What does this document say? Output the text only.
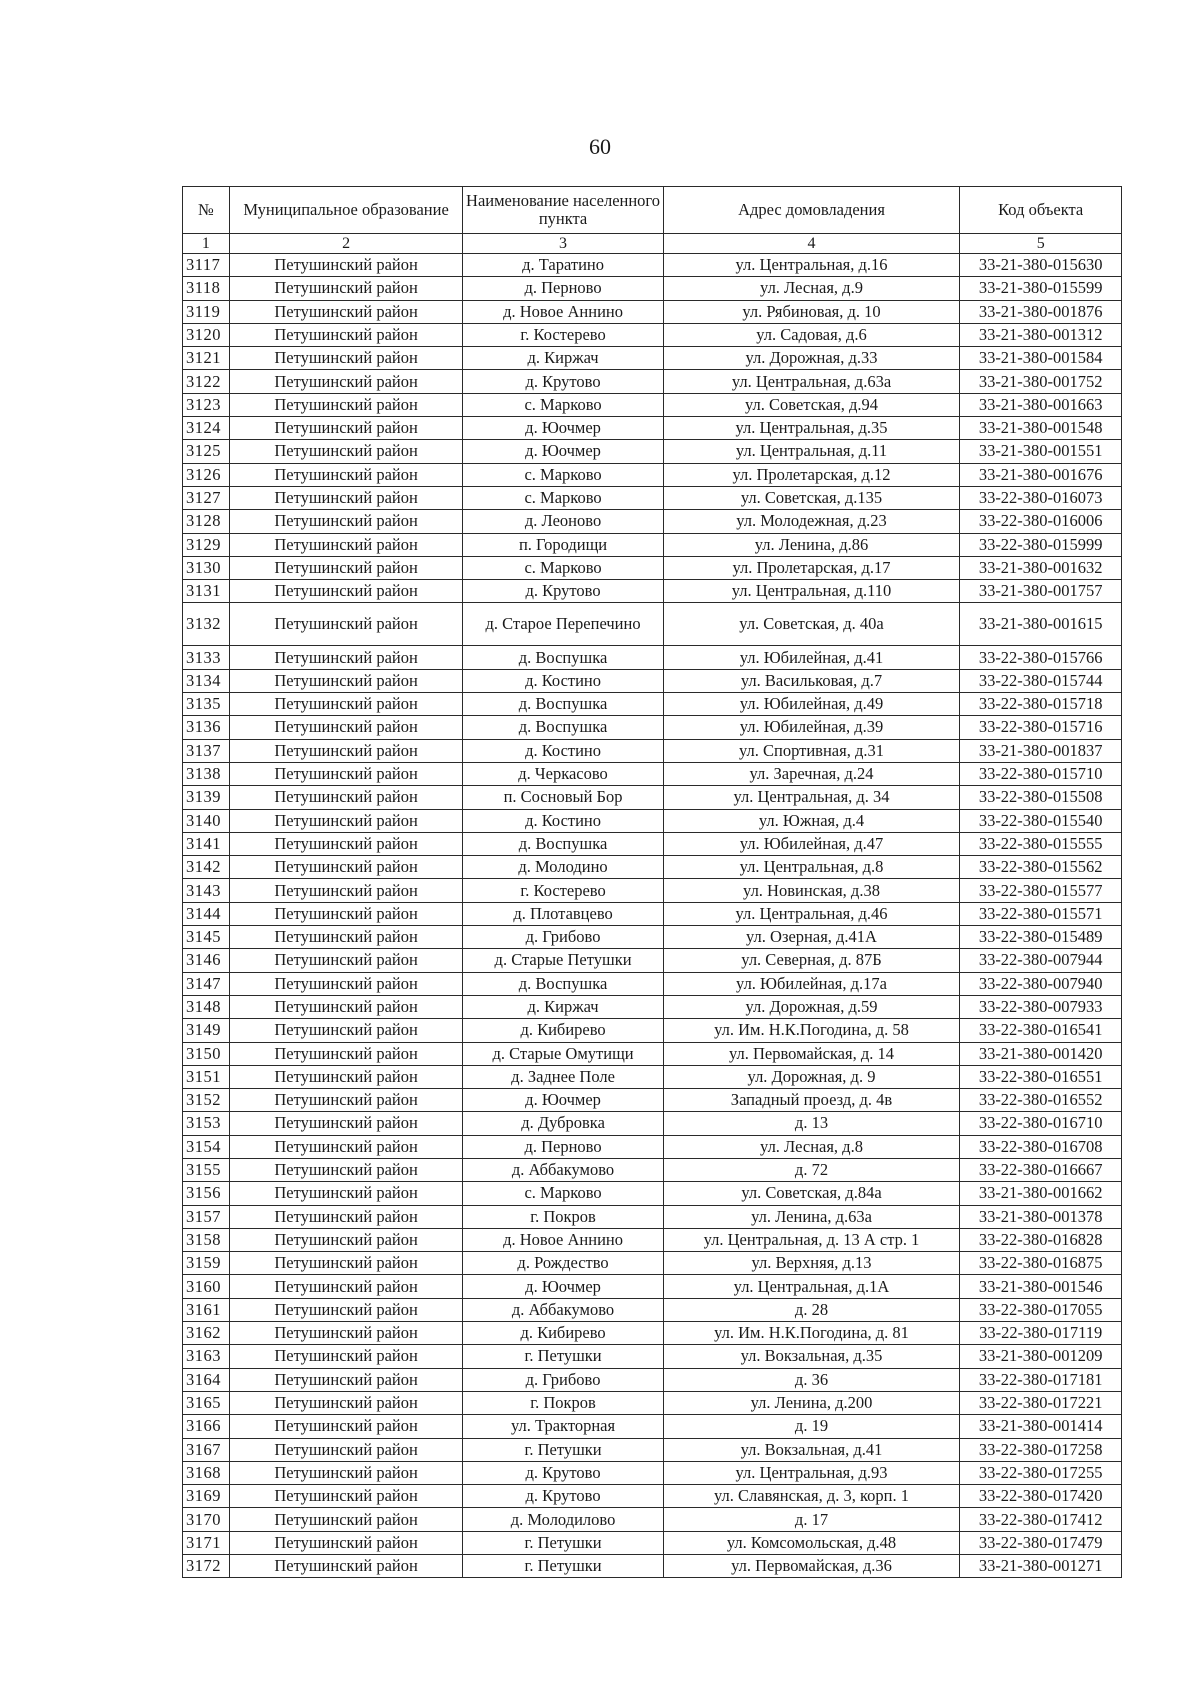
60
№	Муниципальное образование	Наименование населенного пункта	Адрес домовладения	Код объекта
1	2	3	4	5
3117	Петушинский район	д. Таратино	ул. Центральная, д.16	33-21-380-015630
3118	Петушинский район	д. Перново	ул. Лесная, д.9	33-21-380-015599
3119	Петушинский район	д. Новое Аннино	ул. Рябиновая, д. 10	33-21-380-001876
3120	Петушинский район	г. Костерево	ул. Садовая, д.6	33-21-380-001312
3121	Петушинский район	д. Киржач	ул. Дорожная, д.33	33-21-380-001584
3122	Петушинский район	д. Крутово	ул. Центральная, д.63а	33-21-380-001752
3123	Петушинский район	с. Марково	ул. Советская, д.94	33-21-380-001663
3124	Петушинский район	д. Юочмер	ул. Центральная, д.35	33-21-380-001548
3125	Петушинский район	д. Юочмер	ул. Центральная, д.11	33-21-380-001551
3126	Петушинский район	с. Марково	ул. Пролетарская, д.12	33-21-380-001676
3127	Петушинский район	с. Марково	ул. Советская, д.135	33-22-380-016073
3128	Петушинский район	д. Леоново	ул. Молодежная, д.23	33-22-380-016006
3129	Петушинский район	п. Городищи	ул. Ленина, д.86	33-22-380-015999
3130	Петушинский район	с. Марково	ул. Пролетарская, д.17	33-21-380-001632
3131	Петушинский район	д. Крутово	ул. Центральная, д.110	33-21-380-001757
3132	Петушинский район	д. Старое Перепечино	ул. Советская, д. 40а	33-21-380-001615
3133	Петушинский район	д. Воспушка	ул. Юбилейная, д.41	33-22-380-015766
3134	Петушинский район	д. Костино	ул. Васильковая, д.7	33-22-380-015744
3135	Петушинский район	д. Воспушка	ул. Юбилейная, д.49	33-22-380-015718
3136	Петушинский район	д. Воспушка	ул. Юбилейная, д.39	33-22-380-015716
3137	Петушинский район	д. Костино	ул. Спортивная, д.31	33-21-380-001837
3138	Петушинский район	д. Черкасово	ул. Заречная, д.24	33-22-380-015710
3139	Петушинский район	п. Сосновый Бор	ул. Центральная, д. 34	33-22-380-015508
3140	Петушинский район	д. Костино	ул. Южная, д.4	33-22-380-015540
3141	Петушинский район	д. Воспушка	ул. Юбилейная, д.47	33-22-380-015555
3142	Петушинский район	д. Молодино	ул. Центральная, д.8	33-22-380-015562
3143	Петушинский район	г. Костерево	ул. Новинская, д.38	33-22-380-015577
3144	Петушинский район	д. Плотавцево	ул. Центральная, д.46	33-22-380-015571
3145	Петушинский район	д. Грибово	ул. Озерная, д.41А	33-22-380-015489
3146	Петушинский район	д. Старые Петушки	ул. Северная, д. 87Б	33-22-380-007944
3147	Петушинский район	д. Воспушка	ул. Юбилейная, д.17а	33-22-380-007940
3148	Петушинский район	д. Киржач	ул. Дорожная, д.59	33-22-380-007933
3149	Петушинский район	д. Кибирево	ул. Им. Н.К.Погодина, д. 58	33-22-380-016541
3150	Петушинский район	д. Старые Омутищи	ул. Первомайская, д. 14	33-21-380-001420
3151	Петушинский район	д. Заднее Поле	ул. Дорожная, д. 9	33-22-380-016551
3152	Петушинский район	д. Юочмер	Западный проезд, д. 4в	33-22-380-016552
3153	Петушинский район	д. Дубровка	д. 13	33-22-380-016710
3154	Петушинский район	д. Перново	ул. Лесная, д.8	33-22-380-016708
3155	Петушинский район	д. Аббакумово	д. 72	33-22-380-016667
3156	Петушинский район	с. Марково	ул. Советская, д.84а	33-21-380-001662
3157	Петушинский район	г. Покров	ул. Ленина, д.63а	33-21-380-001378
3158	Петушинский район	д. Новое Аннино	ул. Центральная, д. 13 А стр. 1	33-22-380-016828
3159	Петушинский район	д. Рождество	ул. Верхняя, д.13	33-22-380-016875
3160	Петушинский район	д. Юочмер	ул. Центральная, д.1А	33-21-380-001546
3161	Петушинский район	д. Аббакумово	д. 28	33-22-380-017055
3162	Петушинский район	д. Кибирево	ул. Им. Н.К.Погодина, д. 81	33-22-380-017119
3163	Петушинский район	г. Петушки	ул. Вокзальная, д.35	33-21-380-001209
3164	Петушинский район	д. Грибово	д. 36	33-22-380-017181
3165	Петушинский район	г. Покров	ул. Ленина, д.200	33-22-380-017221
3166	Петушинский район	ул. Тракторная	д. 19	33-21-380-001414
3167	Петушинский район	г. Петушки	ул. Вокзальная, д.41	33-22-380-017258
3168	Петушинский район	д. Крутово	ул. Центральная, д.93	33-22-380-017255
3169	Петушинский район	д. Крутово	ул. Славянская, д. 3, корп. 1	33-22-380-017420
3170	Петушинский район	д. Молодилово	д. 17	33-22-380-017412
3171	Петушинский район	г. Петушки	ул. Комсомольская, д.48	33-22-380-017479
3172	Петушинский район	г. Петушки	ул. Первомайская, д.36	33-21-380-001271
